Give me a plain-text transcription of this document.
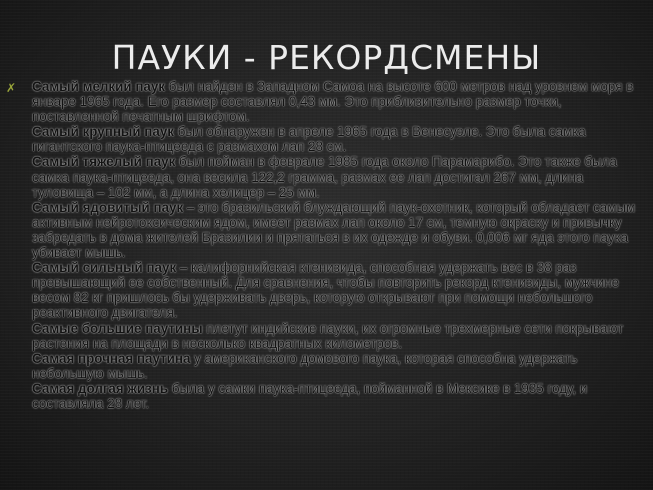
ПАУКИ - РЕКОРДСМЕНЫ
✗ Самый мелкий паук был найден в Западном Самоа на высоте 600 метров над уровнем моря в январе 1965 года. Его размер составлял 0,43 мм. Это приблизительно размер точки, поставленной печатным шрифтом.

Самый крупный паук был обнаружен в апреле 1965 года в Венесуэле. Это была самка гигантского паука-птицееда с размахом лап 28 см.

Самый тяжелый паук был пойман в феврале 1985 года около Парамарибо. Это также была самка паука-птицееда, она весила 122,2 грамма, размах ее лап достигал 267 мм, длина туловища – 102 мм, а длина хелицер – 25 мм.

Самый ядовитый паук – это бразильский блуждающий паук-охотник, который обладает самым активным нейротоксическим ядом, имеет размах лап около 17 см, темную окраску и привычку забредать в дома жителей Бразилии и прятаться в их одежде и обуви. 0,006 мг яда этого паука убивает мышь.

Самый сильный паук – калифорнийская ктенизида, способная удержать вес в 38 раз превышающий ее собственный. Для сравнения, чтобы повторить рекорд ктенизиды, мужчине весом 82 кг пришлось бы удерживать дверь, которую открывают при помощи небольшого реактивного двигателя.

Самые большие паутины плетут индийские пауки, их огромные трехмерные сети покрывают растения на площади в несколько квадратных километров.

Самая прочная паутина у американского домового паука, которая способна удержать небольшую мышь.

Самая долгая жизнь была у самки паука-птицееда, пойманной в Мексике в 1935 году, и составляла 28 лет.
